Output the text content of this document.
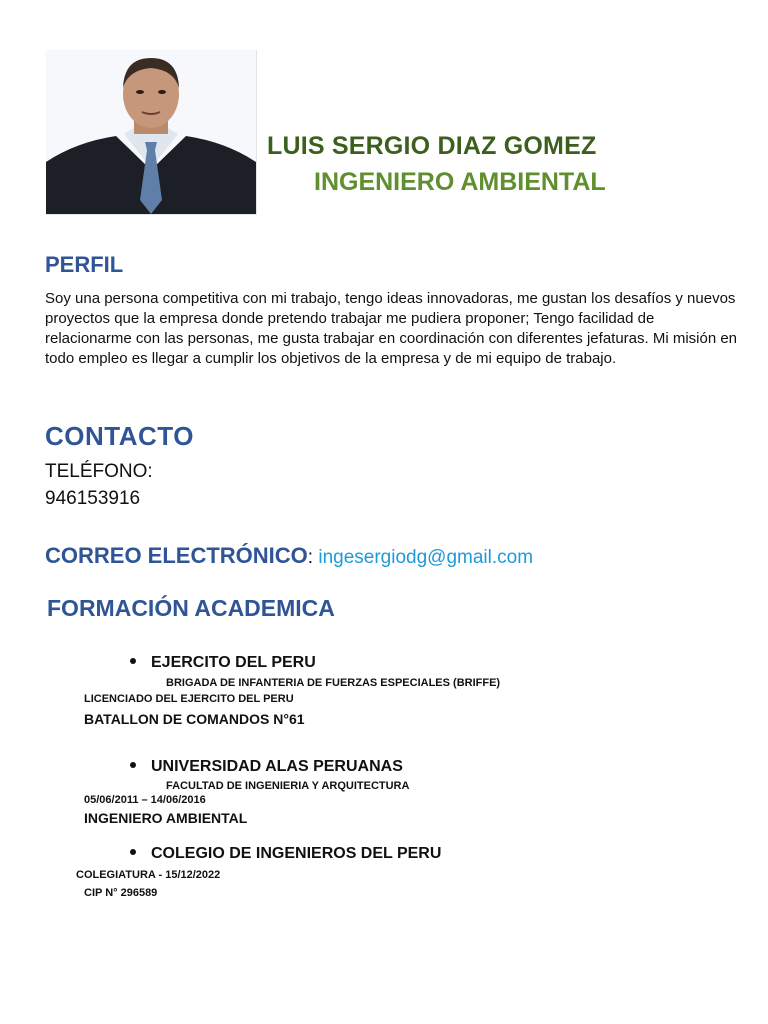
LUIS SERGIO DIAZ GOMEZ
INGENIERO AMBIENTAL
PERFIL
Soy una persona competitiva con mi trabajo, tengo ideas innovadoras, me gustan los desafíos y nuevos proyectos que la empresa donde pretendo trabajar me pudiera proponer; Tengo facilidad de relacionarme con las personas, me gusta trabajar en coordinación con diferentes jefaturas. Mi misión en todo empleo es llegar a cumplir los objetivos de la empresa y de mi equipo de trabajo.
CONTACTO
TELÉFONO:
946153916
CORREO ELECTRÓNICO: ingesergiodg@gmail.com
FORMACIÓN ACADEMICA
EJERCITO DEL PERU
BRIGADA DE INFANTERIA DE FUERZAS ESPECIALES (BRIFFE)
LICENCIADO DEL EJERCITO DEL PERU
BATALLON DE COMANDOS N°61
UNIVERSIDAD ALAS PERUANAS
FACULTAD DE INGENIERIA Y ARQUITECTURA
05/06/2011 – 14/06/2016
INGENIERO AMBIENTAL
COLEGIO DE INGENIEROS DEL PERU
COLEGIATURA - 15/12/2022
CIP N° 296589
